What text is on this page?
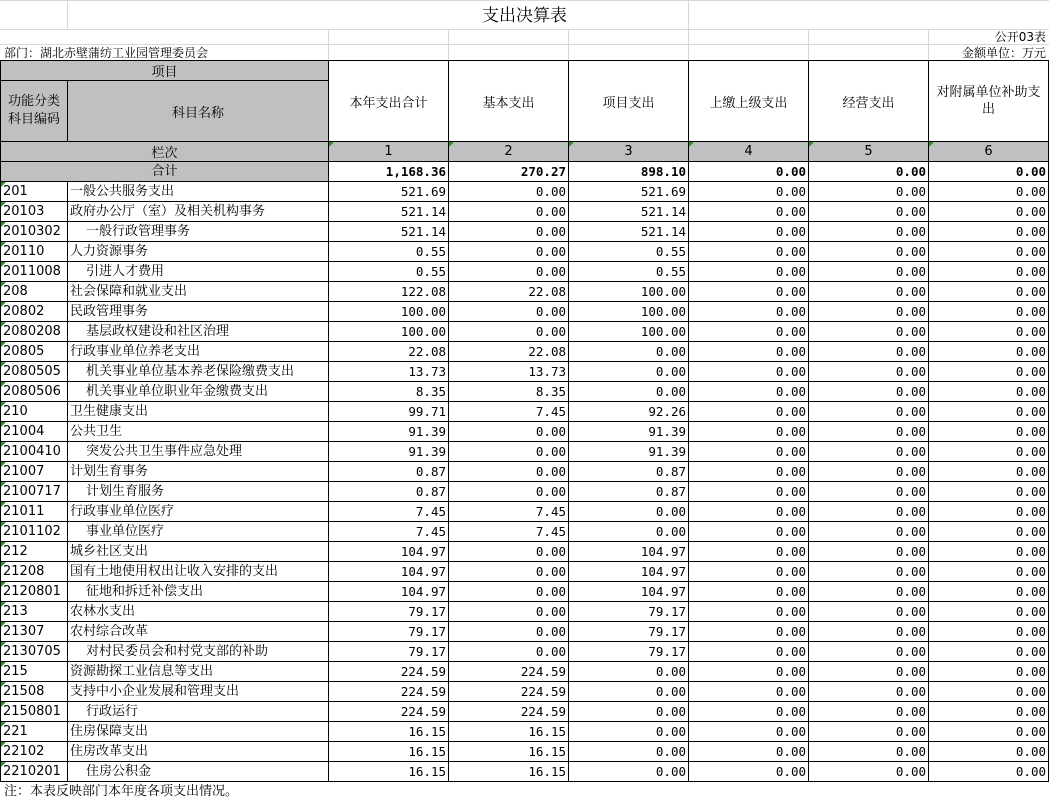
支出决算表
公开03表
部门：湖北赤壁蒲纺工业园管理委员会	金额单位：万元
项目		本年支出合计	基本支出	项目支出	上缴上级支出	经营支出	对附属单位补助支出
功能分类科目编码	科目名称						
栏次		1	2	3	4	5	6
合计		1,168.36	270.27	898.10	0.00	0.00	0.00
201	一般公共服务支出	521.69	0.00	521.69	0.00	0.00	0.00
20103	政府办公厅（室）及相关机构事务	521.14	0.00	521.14	0.00	0.00	0.00
2010302	一般行政管理事务	521.14	0.00	521.14	0.00	0.00	0.00
20110	人力资源事务	0.55	0.00	0.55	0.00	0.00	0.00
2011008	引进人才费用	0.55	0.00	0.55	0.00	0.00	0.00
208	社会保障和就业支出	122.08	22.08	100.00	0.00	0.00	0.00
20802	民政管理事务	100.00	0.00	100.00	0.00	0.00	0.00
2080208	基层政权建设和社区治理	100.00	0.00	100.00	0.00	0.00	0.00
20805	行政事业单位养老支出	22.08	22.08	0.00	0.00	0.00	0.00
2080505	机关事业单位基本养老保险缴费支出	13.73	13.73	0.00	0.00	0.00	0.00
2080506	机关事业单位职业年金缴费支出	8.35	8.35	0.00	0.00	0.00	0.00
210	卫生健康支出	99.71	7.45	92.26	0.00	0.00	0.00
21004	公共卫生	91.39	0.00	91.39	0.00	0.00	0.00
2100410	突发公共卫生事件应急处理	91.39	0.00	91.39	0.00	0.00	0.00
21007	计划生育事务	0.87	0.00	0.87	0.00	0.00	0.00
2100717	计划生育服务	0.87	0.00	0.87	0.00	0.00	0.00
21011	行政事业单位医疗	7.45	7.45	0.00	0.00	0.00	0.00
2101102	事业单位医疗	7.45	7.45	0.00	0.00	0.00	0.00
212	城乡社区支出	104.97	0.00	104.97	0.00	0.00	0.00
21208	国有土地使用权出让收入安排的支出	104.97	0.00	104.97	0.00	0.00	0.00
2120801	征地和拆迁补偿支出	104.97	0.00	104.97	0.00	0.00	0.00
213	农林水支出	79.17	0.00	79.17	0.00	0.00	0.00
21307	农村综合改革	79.17	0.00	79.17	0.00	0.00	0.00
2130705	对村民委员会和村党支部的补助	79.17	0.00	79.17	0.00	0.00	0.00
215	资源勘探工业信息等支出	224.59	224.59	0.00	0.00	0.00	0.00
21508	支持中小企业发展和管理支出	224.59	224.59	0.00	0.00	0.00	0.00
2150801	行政运行	224.59	224.59	0.00	0.00	0.00	0.00
221	住房保障支出	16.15	16.15	0.00	0.00	0.00	0.00
22102	住房改革支出	16.15	16.15	0.00	0.00	0.00	0.00
2210201	住房公积金	16.15	16.15	0.00	0.00	0.00	0.00
注：本表反映部门本年度各项支出情况。
